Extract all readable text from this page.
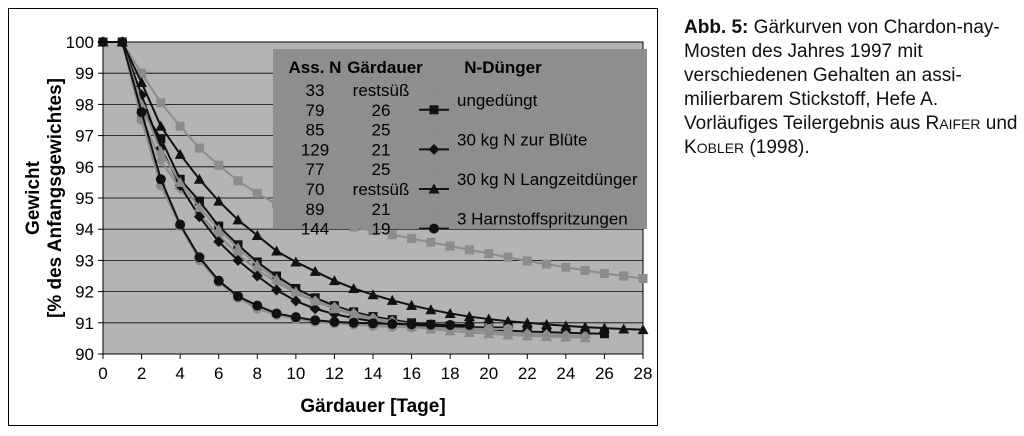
90
91
92
93
94
95
96
97
98
99
100
0 2 4 6 8 10 12 14 16 18 20 22 24 26 28
Ass. N Gärdauer N-Dünger
33 restsüß
79	26
85	25
129 21
77	25
70 restsüß
89	21
144 19
ungedüngt
30 kg N zur Blüte
30 kg N Langzeitdünger
3 Harnstoffspritzungen
Gärdauer [Tage]
Gewicht [% des Anfangsgewichtes]
Abb. 5: Gärkurven von Chardon-nay-Mosten des Jahres 1997 mit verschiedenen Gehalten an assi-milierbarem Stickstoff, Hefe A. Vorläufiges Teilergebnis aus RAIFER und KOBLER (1998).
